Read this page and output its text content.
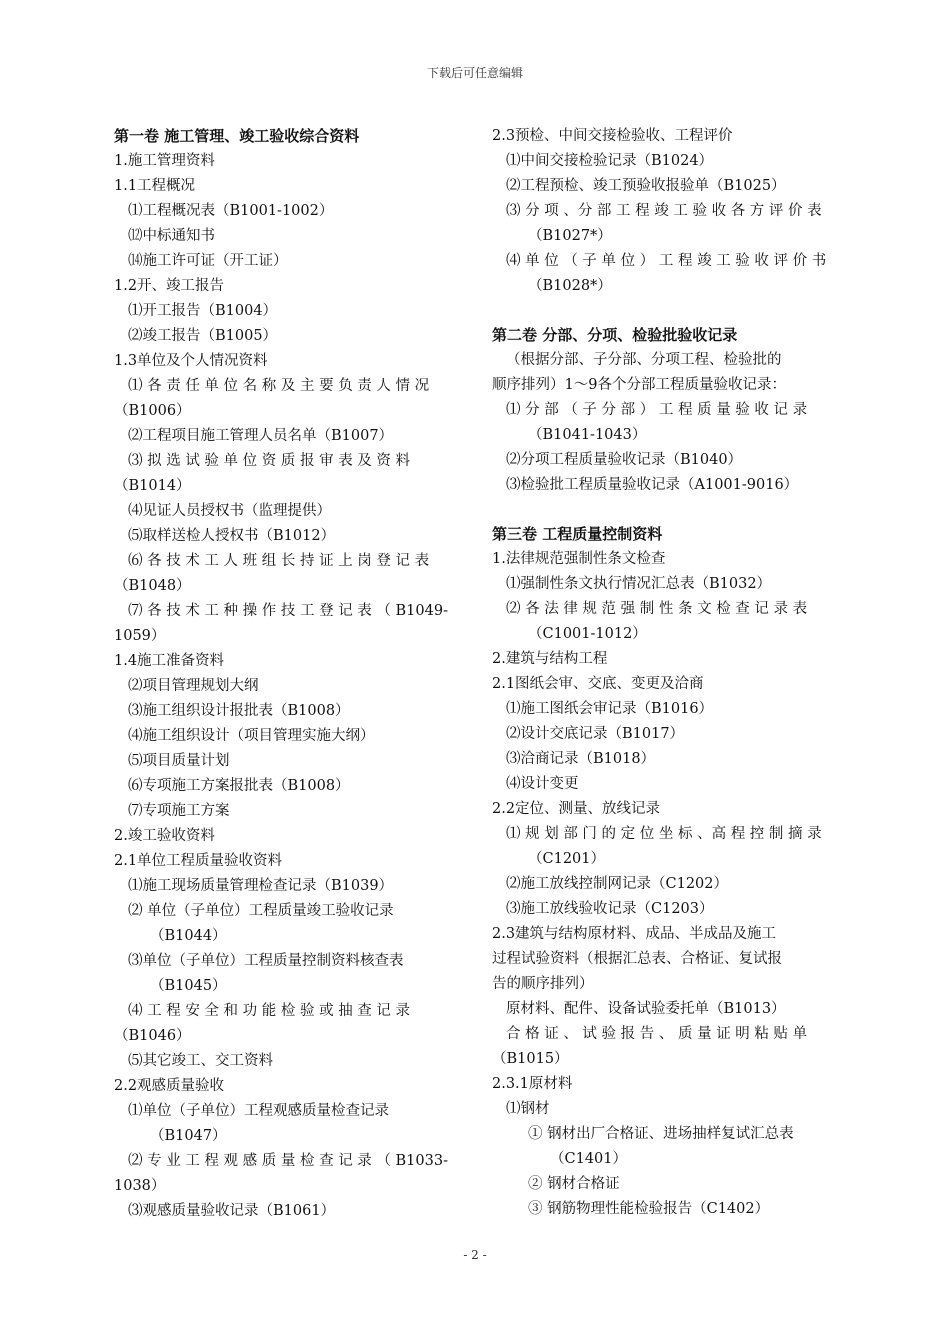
下载后可任意编辑
第一卷 施工管理、竣工验收综合资料
1.施工管理资料
1.1工程概况
⑴工程概况表（B1001-1002）
⑿中标通知书
⒁施工许可证（开工证）
1.2开、竣工报告
⑴开工报告（B1004）
⑵竣工报告（B1005）
1.3单位及个人情况资料
⑴ 各 责 任 单 位 名 称 及 主 要 负 责 人 情 况
（B1006）
⑵工程项目施工管理人员名单（B1007）
⑶ 拟 选 试 验 单 位 资 质 报 审 表 及 资 料
（B1014）
⑷见证人员授权书（监理提供）
⑸取样送检人授权书（B1012）
⑹ 各 技 术 工 人 班 组 长 持 证 上 岗 登 记 表
（B1048）
⑺ 各 技 术 工 种 操 作 技 工 登 记 表 （ B1049-
1059）
1.4施工准备资料
⑵项目管理规划大纲
⑶施工组织设计报批表（B1008）
⑷施工组织设计（项目管理实施大纲）
⑸项目质量计划
⑹专项施工方案报批表（B1008）
⑺专项施工方案
2.竣工验收资料
2.1单位工程质量验收资料
⑴施工现场质量管理检查记录（B1039）
⑵ 单位（子单位）工程质量竣工验收记录
（B1044）
⑶单位（子单位）工程质量控制资料核查表
（B1045）
⑷ 工 程 安 全 和 功 能 检 验 或 抽 查 记 录
（B1046）
⑸其它竣工、交工资料
2.2观感质量验收
⑴单位（子单位）工程观感质量检查记录
（B1047）
⑵ 专 业 工 程 观 感 质 量 检 查 记 录 （ B1033-
1038）
⑶观感质量验收记录（B1061）
2.3预检、中间交接检验收、工程评价
⑴中间交接检验记录（B1024）
⑵工程预检、竣工预验收报验单（B1025）
⑶ 分 项 、分 部 工 程 竣 工 验 收 各 方 评 价 表
（B1027*）
⑷ 单 位 （ 子 单 位 ） 工 程 竣 工 验 收 评 价 书
（B1028*）
第二卷 分部、分项、检验批验收记录
（根据分部、子分部、分项工程、检验批的
顺序排列）1～9各个分部工程质量验收记录：
⑴ 分 部 （ 子 分 部 ） 工 程 质 量 验 收 记 录
（B1041-1043）
⑵分项工程质量验收记录（B1040）
⑶检验批工程质量验收记录（A1001-9016）
第三卷 工程质量控制资料
1.法律规范强制性条文检查
⑴强制性条文执行情况汇总表（B1032）
⑵ 各 法 律 规 范 强 制 性 条 文 检 查 记 录 表
（C1001-1012）
2.建筑与结构工程
2.1图纸会审、交底、变更及洽商
⑴施工图纸会审记录（B1016）
⑵设计交底记录（B1017）
⑶洽商记录（B1018）
⑷设计变更
2.2定位、测量、放线记录
⑴ 规 划 部 门 的 定 位 坐 标 、高 程 控 制 摘 录
（C1201）
⑵施工放线控制网记录（C1202）
⑶施工放线验收记录（C1203）
2.3建筑与结构原材料、成品、半成品及施工
过程试验资料（根据汇总表、合格证、复试报
告的顺序排列）
原材料、配件、设备试验委托单（B1013）
合 格 证 、 试 验 报 告 、 质 量 证 明 粘 贴 单
（B1015）
2.3.1原材料
⑴钢材
① 钢材出厂合格证、进场抽样复试汇总表
（C1401）
② 钢材合格证
③ 钢筋物理性能检验报告（C1402）
- 2 -
